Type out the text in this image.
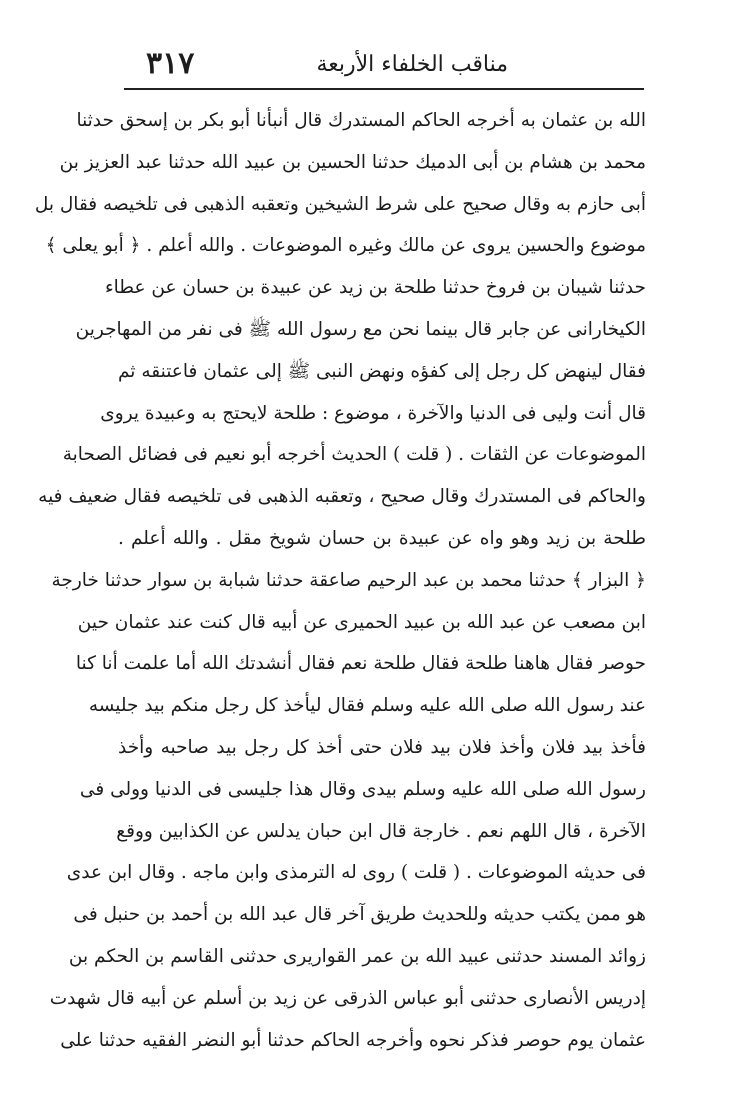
٣١٧	مناقب الخلفاء الأربعة
الله بن عثمان به أخرجه الحاكم المستدرك قال أنبأنا أبو بكر بن إسحق حدثنا
محمد بن هشام بن أبى الدميك حدثنا الحسين بن عبيد الله حدثنا عبد العزيز بن
أبى حازم به وقال صحيح على شرط الشيخين وتعقبه الذهبى فى تلخيصه فقال بل
موضوع والحسين يروى عن مالك وغيره الموضوعات . والله أعلم . ﴿ أبو يعلى ﴾
حدثنا شيبان بن فروخ حدثنا طلحة بن زيد عن عبيدة بن حسان عن عطاء
الكيخارانى عن جابر قال بينما نحن مع رسول الله ﷺ فى نفر من المهاجرين
فقال لينهض كل رجل إلى كفؤه ونهض النبى ﷺ إلى عثمان فاعتنقه ثم
قال أنت وليى فى الدنيا والآخرة ، موضوع : طلحة لايحتج به وعبيدة يروى
الموضوعات عن الثقات . ( قلت ) الحديث أخرجه أبو نعيم فى فضائل الصحابة
والحاكم فى المستدرك وقال صحيح ، وتعقبه الذهبى فى تلخيصه فقال ضعيف فيه
طلحة بن زيد وهو واه عن عبيدة بن حسان شويخ مقل . والله أعلم .
﴿ البزار ﴾ حدثنا محمد بن عبد الرحيم صاعقة حدثنا شبابة بن سوار حدثنا خارجة
ابن مصعب عن عبد الله بن عبيد الحميرى عن أبيه قال كنت عند عثمان حين
حوصر فقال هاهنا طلحة فقال طلحة نعم فقال أنشدتك الله أما علمت أنا كنا
عند رسول الله صلى الله عليه وسلم فقال ليأخذ كل رجل منكم بيد جليسه
فأخذ بيد فلان وأخذ فلان بيد فلان حتى أخذ كل رجل بيد صاحبه وأخذ
رسول الله صلى الله عليه وسلم بيدى وقال هذا جليسى فى الدنيا وولى فى
الآخرة ، قال اللهم نعم . خارجة قال ابن حبان يدلس عن الكذابين ووقع
فى حديثه الموضوعات . ( قلت ) روى له الترمذى وابن ماجه . وقال ابن عدى
هو ممن يكتب حديثه وللحديث طريق آخر قال عبد الله بن أحمد بن حنبل فى
زوائد المسند حدثنى عبيد الله بن عمر القواريرى حدثنى القاسم بن الحكم بن
إدريس الأنصارى حدثنى أبو عباس الذرقى عن زيد بن أسلم عن أبيه قال شهدت
عثمان يوم حوصر فذكر نحوه وأخرجه الحاكم حدثنا أبو النضر الفقيه حدثنا على
